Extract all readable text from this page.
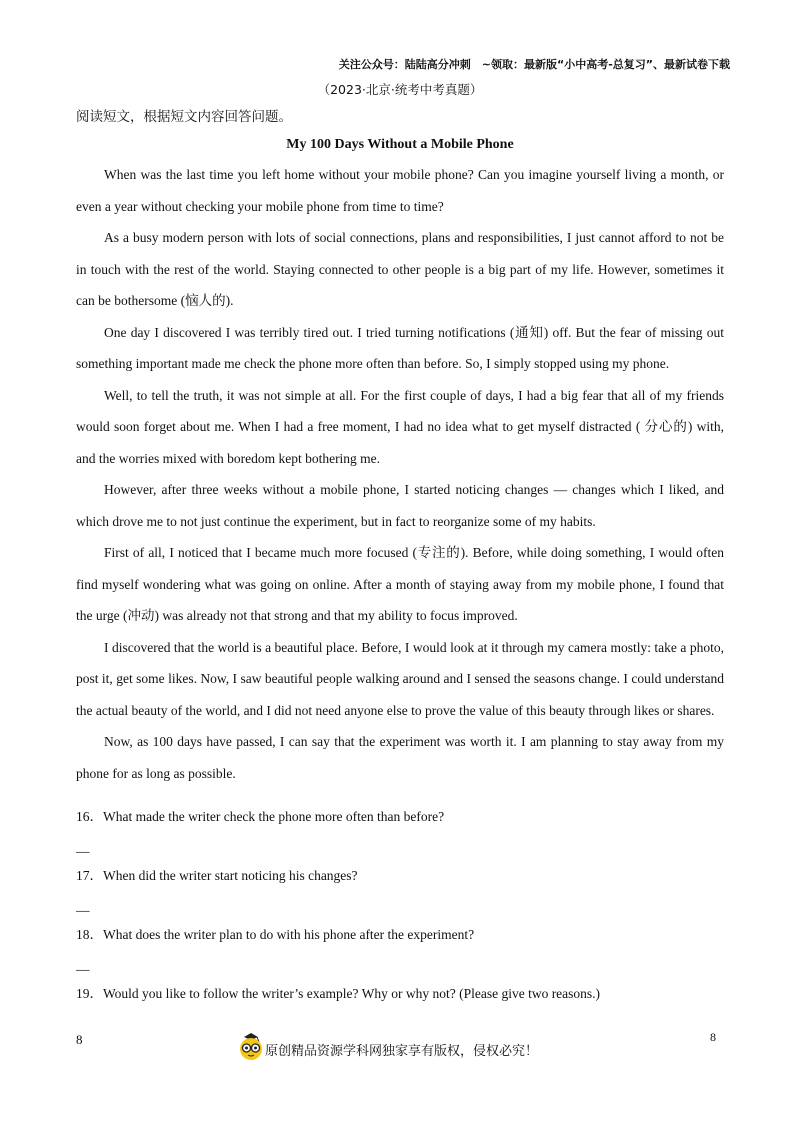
关注公众号：陆陆高分冲刺　~领取：最新版“小中高考-总复习”、最新试卷下载
（2023·北京·统考中考真题）
阅读短文，根据短文内容回答问题。
My 100 Days Without a Mobile Phone

When was the last time you left home without your mobile phone? Can you imagine yourself living a month, or even a year without checking your mobile phone from time to time?

As a busy modern person with lots of social connections, plans and responsibilities, I just cannot afford to not be in touch with the rest of the world. Staying connected to other people is a big part of my life. However, sometimes it can be bothersome (恼人的).

One day I discovered I was terribly tired out. I tried turning notifications (通知) off. But the fear of missing out something important made me check the phone more often than before. So, I simply stopped using my phone.

Well, to tell the truth, it was not simple at all. For the first couple of days, I had a big fear that all of my friends would soon forget about me. When I had a free moment, I had no idea what to get myself distracted ( 分心的) with, and the worries mixed with boredom kept bothering me.

However, after three weeks without a mobile phone, I started noticing changes — changes which I liked, and which drove me to not just continue the experiment, but in fact to reorganize some of my habits.

First of all, I noticed that I became much more focused (专注的). Before, while doing something, I would often find myself wondering what was going on online. After a month of staying away from my mobile phone, I found that the urge (冲动) was already not that strong and that my ability to focus improved.

I discovered that the world is a beautiful place. Before, I would look at it through my camera mostly: take a photo, post it, get some likes. Now, I saw beautiful people walking around and I sensed the seasons change. I could understand the actual beauty of the world, and I did not need anyone else to prove the value of this beauty through likes or shares.

Now, as 100 days have passed, I can say that the experiment was worth it. I am planning to stay away from my phone for as long as possible.

16．What made the writer check the phone more often than before?
__
17．When did the writer start noticing his changes?
__
18．What does the writer plan to do with his phone after the experiment?
__
19．Would you like to follow the writer’s example? Why or why not? (Please give two reasons.)
8	8
原创精品资源学科网独家享有版权，侵权必究！
